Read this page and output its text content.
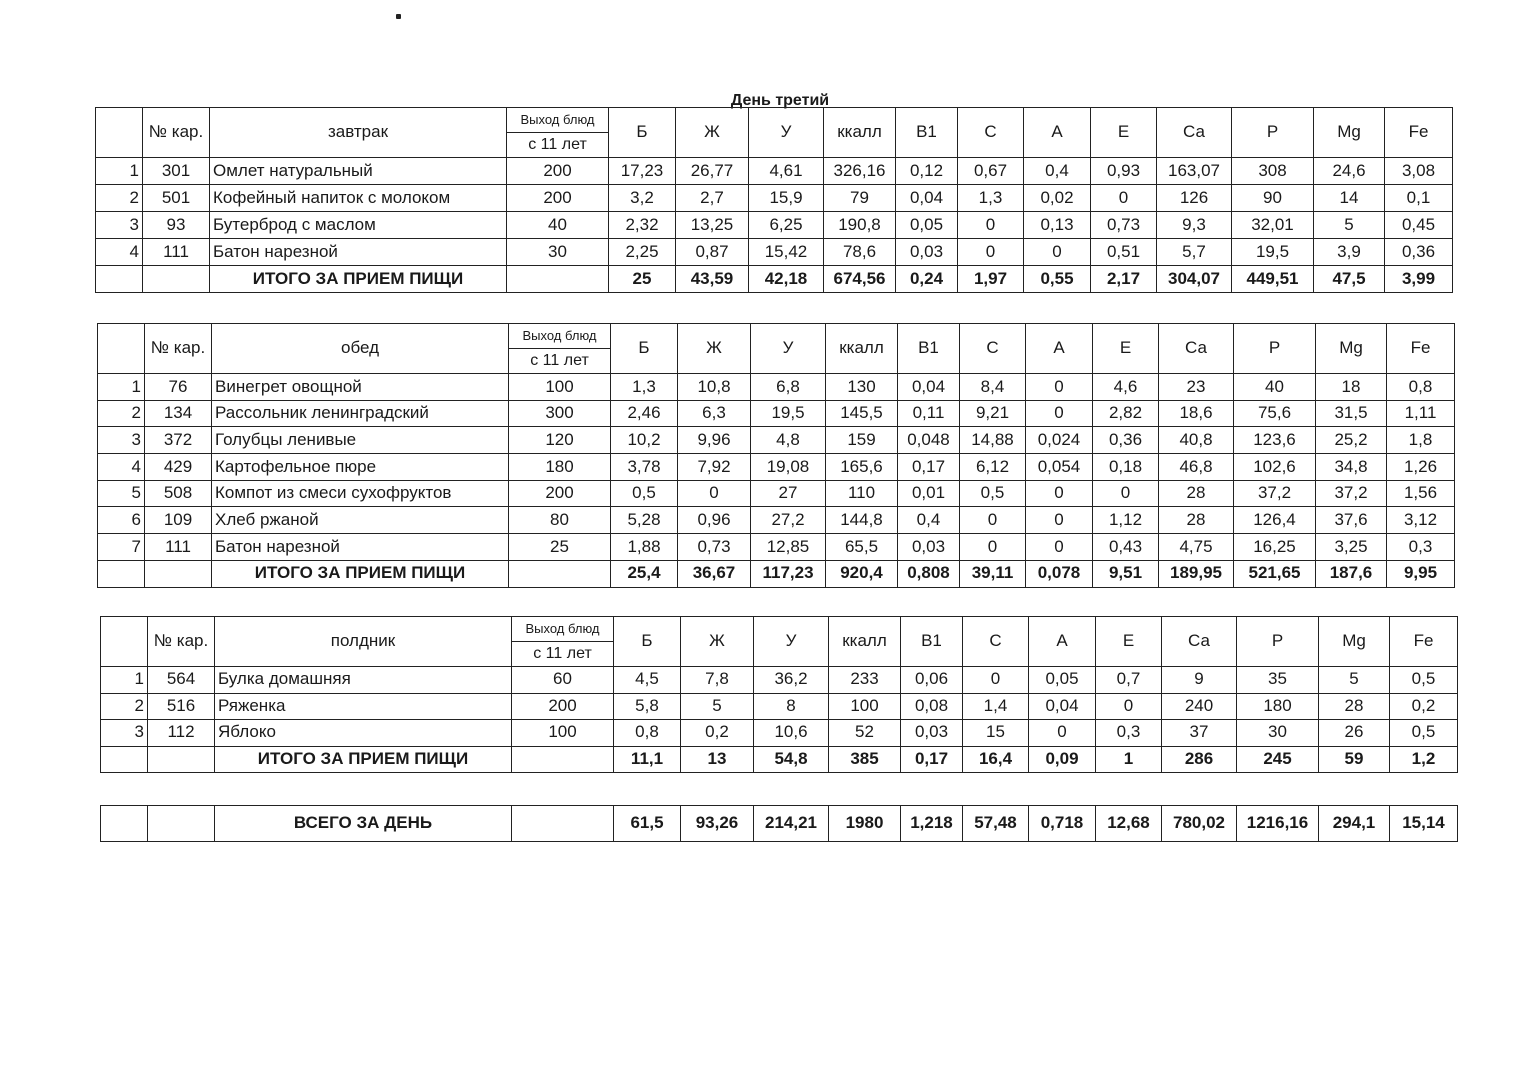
День третий
	№ кар.	завтрак	Выход блюд	Б	Ж	У	ккалл	В1	С	А	Е	Са	Р	Mg	Fe
			с 11 лет												
1	301	Омлет натуральный	200	17,23	26,77	4,61	326,16	0,12	0,67	0,4	0,93	163,07	308	24,6	3,08
2	501	Кофейный напиток с молоком	200	3,2	2,7	15,9	79	0,04	1,3	0,02	0	126	90	14	0,1
3	93	Бутерброд с маслом	40	2,32	13,25	6,25	190,8	0,05	0	0,13	0,73	9,3	32,01	5	0,45
4	111	Батон нарезной	30	2,25	0,87	15,42	78,6	0,03	0	0	0,51	5,7	19,5	3,9	0,36
		ИТОГО ЗА ПРИЕМ ПИЩИ		25	43,59	42,18	674,56	0,24	1,97	0,55	2,17	304,07	449,51	47,5	3,99
	№ кар.	обед	Выход блюд	Б	Ж	У	ккалл	В1	С	А	Е	Са	Р	Mg	Fe
			с 11 лет												
1	76	Винегрет овощной	100	1,3	10,8	6,8	130	0,04	8,4	0	4,6	23	40	18	0,8
2	134	Рассольник ленинградский	300	2,46	6,3	19,5	145,5	0,11	9,21	0	2,82	18,6	75,6	31,5	1,11
3	372	Голубцы ленивые	120	10,2	9,96	4,8	159	0,048	14,88	0,024	0,36	40,8	123,6	25,2	1,8
4	429	Картофельное пюре	180	3,78	7,92	19,08	165,6	0,17	6,12	0,054	0,18	46,8	102,6	34,8	1,26
5	508	Компот из смеси сухофруктов	200	0,5	0	27	110	0,01	0,5	0	0	28	37,2	37,2	1,56
6	109	Хлеб ржаной	80	5,28	0,96	27,2	144,8	0,4	0	0	1,12	28	126,4	37,6	3,12
7	111	Батон нарезной	25	1,88	0,73	12,85	65,5	0,03	0	0	0,43	4,75	16,25	3,25	0,3
		ИТОГО ЗА ПРИЕМ ПИЩИ		25,4	36,67	117,23	920,4	0,808	39,11	0,078	9,51	189,95	521,65	187,6	9,95
	№ кар.	полдник	Выход блюд	Б	Ж	У	ккалл	В1	С	А	Е	Са	Р	Mg	Fe
			с 11 лет												
1	564	Булка домашняя	60	4,5	7,8	36,2	233	0,06	0	0,05	0,7	9	35	5	0,5
2	516	Ряженка	200	5,8	5	8	100	0,08	1,4	0,04	0	240	180	28	0,2
3	112	Яблоко	100	0,8	0,2	10,6	52	0,03	15	0	0,3	37	30	26	0,5
		ИТОГО ЗА ПРИЕМ ПИЩИ		11,1	13	54,8	385	0,17	16,4	0,09	1	286	245	59	1,2
		ВСЕГО ЗА ДЕНЬ		61,5	93,26	214,21	1980	1,218	57,48	0,718	12,68	780,02	1216,16	294,1	15,14
